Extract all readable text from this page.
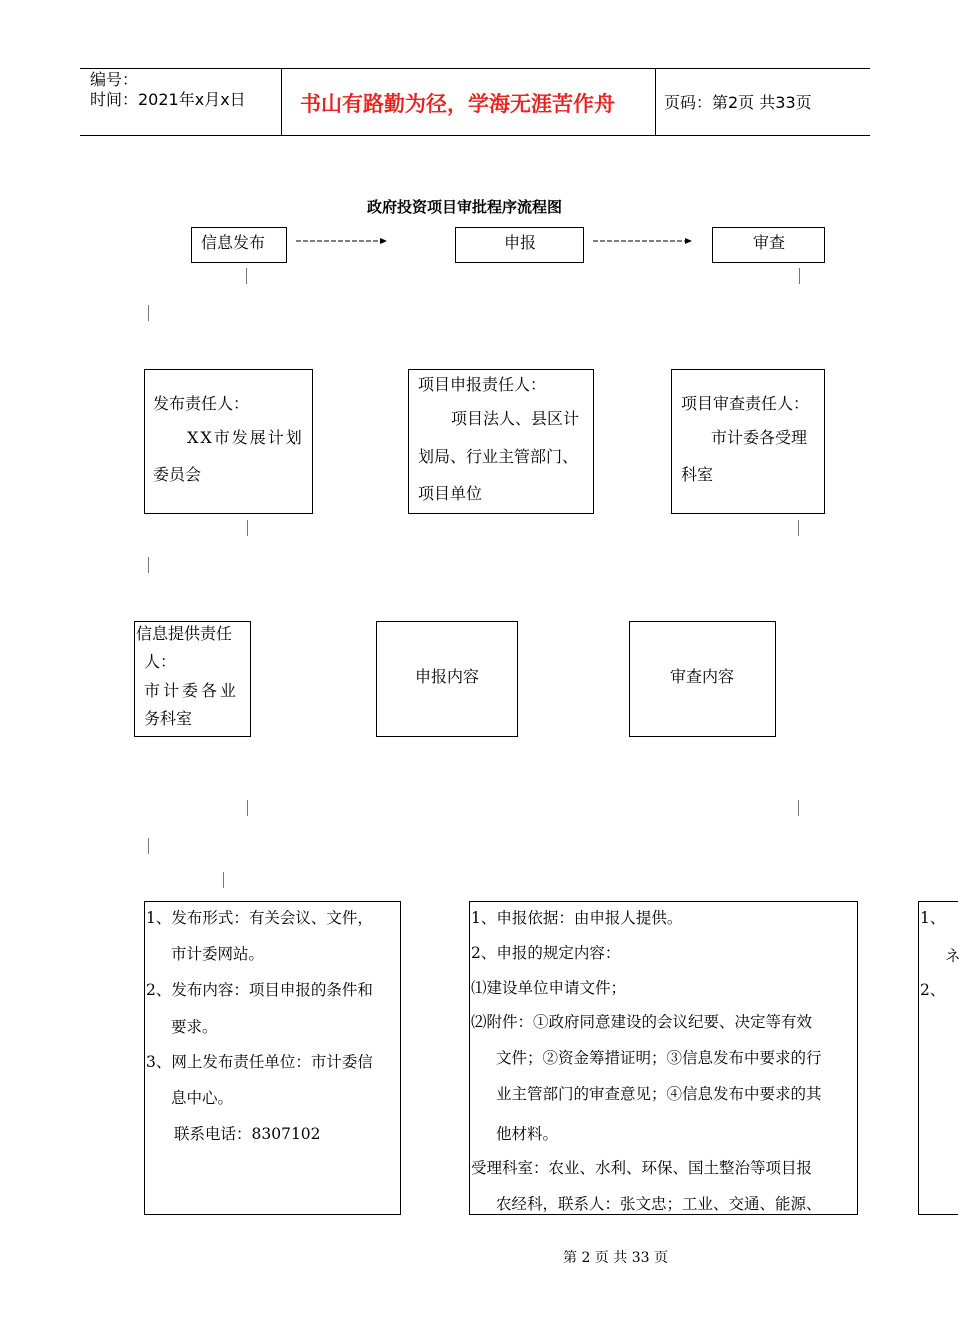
编号：
时间：2021年x月x日	书山有路勤为径，学海无涯苦作舟	页码：第2页 共33页
政府投资项目审批程序流程图
信息发布	申报	审查
发布责任人：
XX市发展计划
委员会
项目申报责任人：
项目法人、县区计
划局、行业主管部门、
项目单位
项目审查责任人：
市计委各受理
科室
信息提供责任
人：
市计委各业
务科室
申报内容	审查内容
1、发布形式：有关会议、文件，
市计委网站。
2、发布内容：项目申报的条件和
要求。
3、网上发布责任单位：市计委信
息中心。
联系电话：8307102
1、申报依据：由申报人提供。
2、申报的规定内容：
⑴建设单位申请文件；
⑵附件：①政府同意建设的会议纪要、决定等有效
文件；②资金筹措证明；③信息发布中要求的行
业主管部门的审查意见；④信息发布中要求的其
他材料。
受理科室：农业、水利、环保、国土整治等项目报
农经科，联系人：张文忠；工业、交通、能源、
1、
ネ
2、
第 2 页 共 33 页
